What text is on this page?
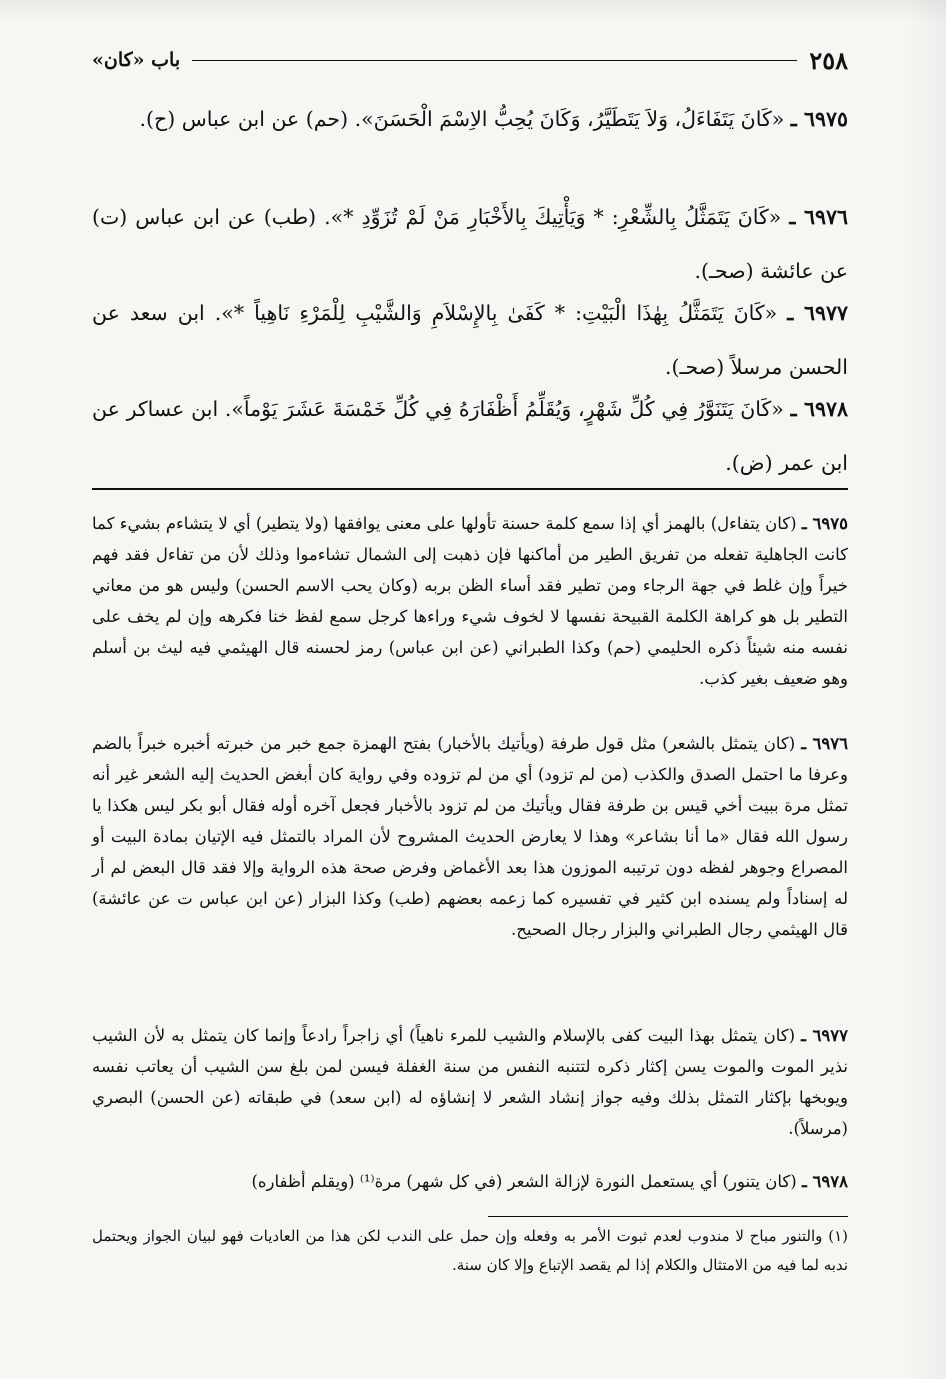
٢٥٨
باب «كان»
٦٩٧٥ ـ «كَانَ يَتَفَاءَلُ، وَلاَ يَتَطَيَّرُ، وَكَانَ يُحِبُّ الاِسْمَ الْحَسَنَ». (حم) عن ابن عباس (ح).
٦٩٧٦ ـ «كَانَ يَتَمَثَّلُ بِالشِّعْرِ: * وَيَأْتِيكَ بِالأَخْبَارِ مَنْ لَمْ تُزَوِّدِ *». (طب) عن ابن عباس (ت) عن عائشة (صحـ).
٦٩٧٧ ـ «كَانَ يَتَمَثَّلُ بِهٰذَا الْبَيْتِ: * كَفَىٰ بِالإِسْلاَمِ وَالشَّيْبِ لِلْمَرْءِ نَاهِياً *». ابن سعد عن الحسن مرسلاً (صحـ).
٦٩٧٨ ـ «كَانَ يَتَنَوَّرُ فِي كُلِّ شَهْرٍ، وَيُقَلِّمُ أَظْفَارَهُ فِي كُلِّ خَمْسَةَ عَشَرَ يَوْماً». ابن عساكر عن ابن عمر (ض).
٦٩٧٥ ـ (كان يتفاءل) بالهمز أي إذا سمع كلمة حسنة تأولها على معنى يوافقها (ولا يتطير) أي لا يتشاءم بشيء كما كانت الجاهلية تفعله من تفريق الطير من أماكنها فإن ذهبت إلى الشمال تشاءموا وذلك لأن من تفاءل فقد فهم خيراً وإن غلط في جهة الرجاء ومن تطير فقد أساء الظن بربه (وكان يحب الاسم الحسن) وليس هو من معاني التطير بل هو كراهة الكلمة القبيحة نفسها لا لخوف شيء وراءها كرجل سمع لفظ خنا فكرهه وإن لم يخف على نفسه منه شيئاً ذكره الحليمي (حم) وكذا الطبراني (عن ابن عباس) رمز لحسنه قال الهيثمي فيه ليث بن أسلم وهو ضعيف بغير كذب.
٦٩٧٦ ـ (كان يتمثل بالشعر) مثل قول طرفة (ويأتيك بالأخبار) بفتح الهمزة جمع خبر من خبرته أخبره خبراً بالضم وعرفا ما احتمل الصدق والكذب (من لم تزود) أي من لم تزوده وفي رواية كان أبغض الحديث إليه الشعر غير أنه تمثل مرة ببيت أخي قيس بن طرفة فقال ويأتيك من لم تزود بالأخبار فجعل آخره أوله فقال أبو بكر ليس هكذا يا رسول الله فقال «ما أنا بشاعر» وهذا لا يعارض الحديث المشروح لأن المراد بالتمثل فيه الإتيان بمادة البيت أو المصراع وجوهر لفظه دون ترتيبه الموزون هذا بعد الأغماض وفرض صحة هذه الرواية وإلا فقد قال البعض لم أر له إسناداً ولم يسنده ابن كثير في تفسيره كما زعمه بعضهم (طب) وكذا البزار (عن ابن عباس ت عن عائشة) قال الهيثمي رجال الطبراني والبزار رجال الصحيح.
٦٩٧٧ ـ (كان يتمثل بهذا البيت كفى بالإسلام والشيب للمرء ناهياً) أي زاجراً رادعاً وإنما كان يتمثل به لأن الشيب نذير الموت والموت يسن إكثار ذكره لتتنبه النفس من سنة الغفلة فيسن لمن بلغ سن الشيب أن يعاتب نفسه ويوبخها بإكثار التمثل بذلك وفيه جواز إنشاد الشعر لا إنشاؤه له (ابن سعد) في طبقاته (عن الحسن) البصري (مرسلاً).
٦٩٧٨ ـ (كان يتنور) أي يستعمل النورة لإزالة الشعر (في كل شهر) مرة⁽¹⁾ (ويقلم أظفاره)
(١) والتنور مباح لا مندوب لعدم ثبوت الأمر به وفعله وإن حمل على الندب لكن هذا من العاديات فهو لبيان الجواز ويحتمل ندبه لما فيه من الامتثال والكلام إذا لم يقصد الإتباع وإلا كان سنة.
